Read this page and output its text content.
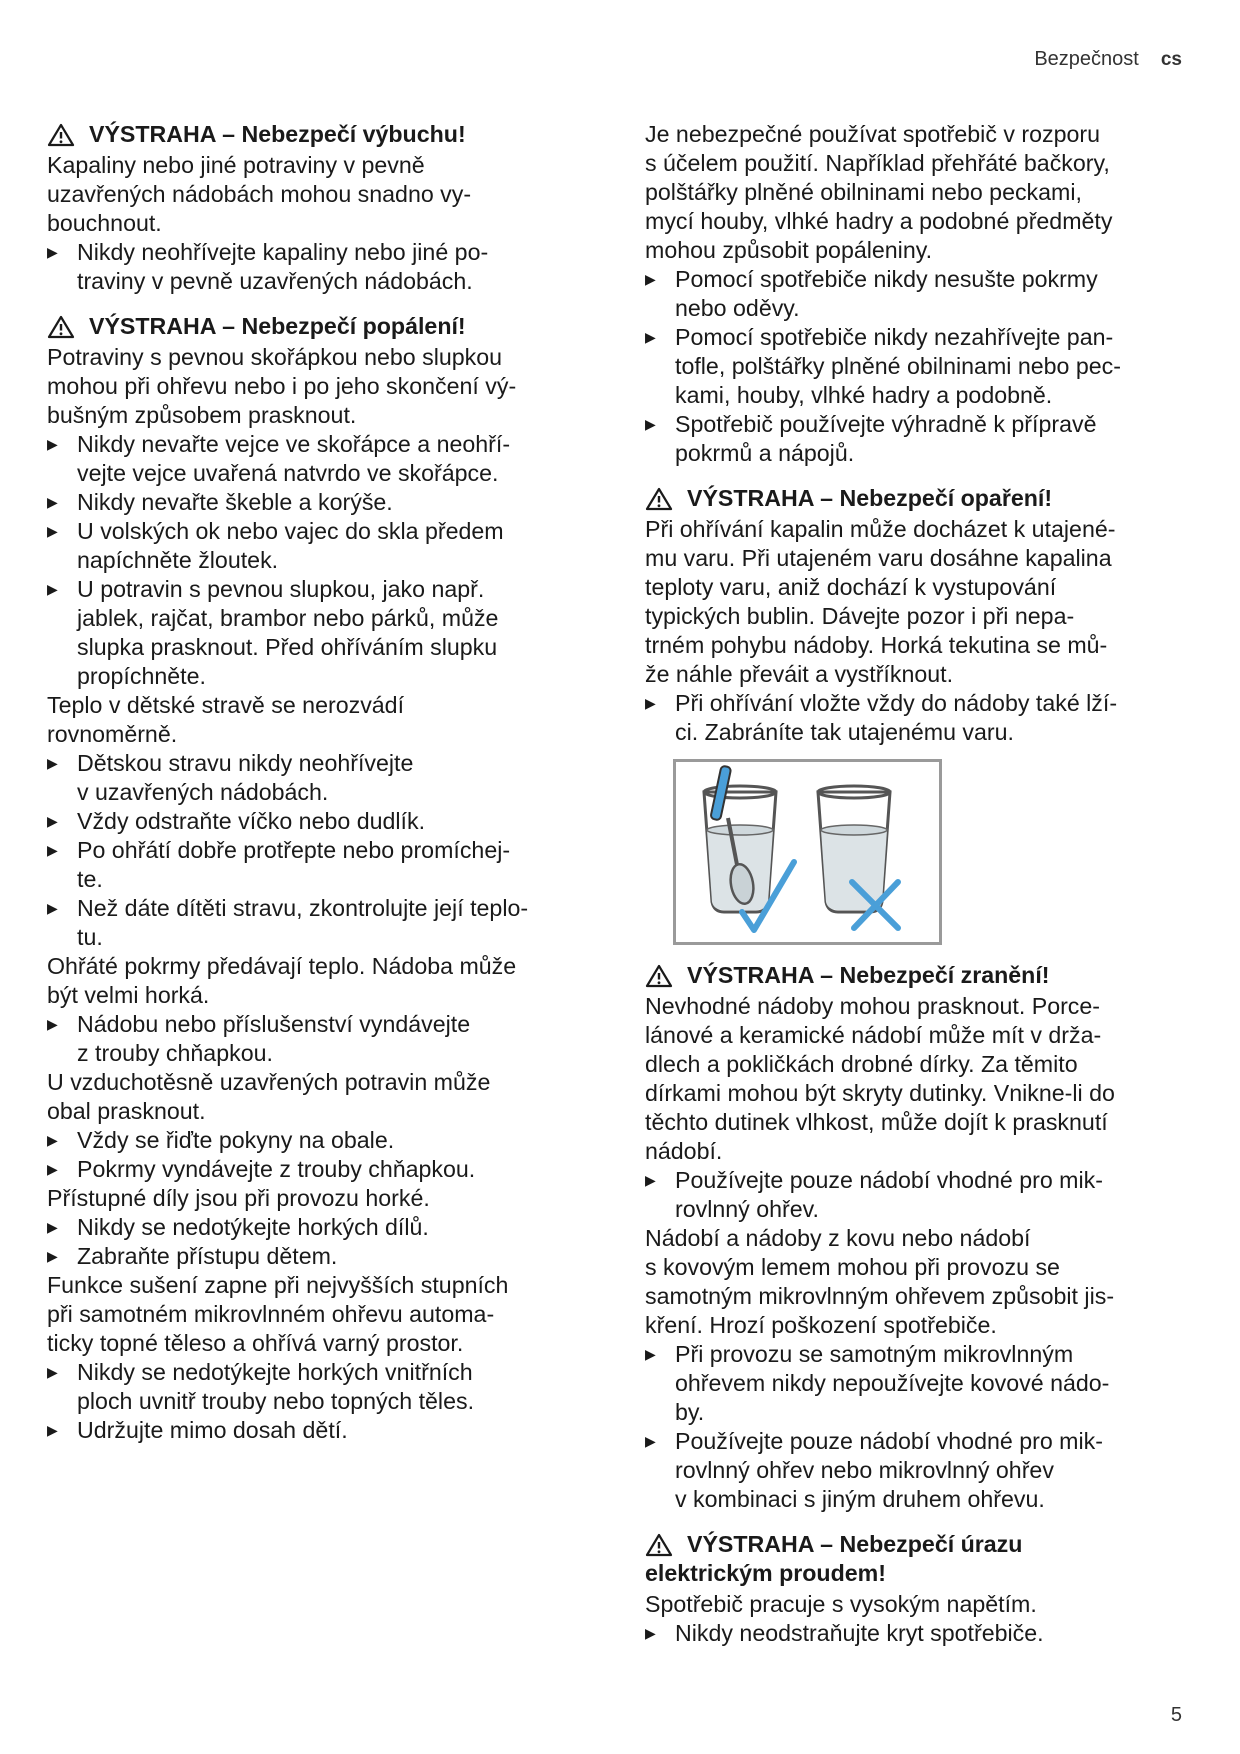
Bezpečnost cs
VÝSTRAHA – Nebezpečí výbuchu!
Kapaliny nebo jiné potraviny v pevně
uzavřených nádobách mohou snadno vy-
bouchnout.
▶ Nikdy neohřívejte kapaliny nebo jiné po-
traviny v pevně uzavřených nádobách.
VÝSTRAHA – Nebezpečí popálení!
Potraviny s pevnou skořápkou nebo slupkou
mohou při ohřevu nebo i po jeho skončení vý-
bušným způsobem prasknout.
▶ Nikdy nevařte vejce ve skořápce a neohří-
vejte vejce uvařená natvrdo ve skořápce.
▶ Nikdy nevařte škeble a korýše.
▶ U volských ok nebo vajec do skla předem
napíchněte žloutek.
▶ U potravin s pevnou slupkou, jako např.
jablek, rajčat, brambor nebo párků, může
slupka prasknout. Před ohříváním slupku
propíchněte.
Teplo v dětské stravě se nerozvádí
rovnoměrně.
▶ Dětskou stravu nikdy neohřívejte
v uzavřených nádobách.
▶ Vždy odstraňte víčko nebo dudlík.
▶ Po ohřátí dobře protřepte nebo promíchej-
te.
▶ Než dáte dítěti stravu, zkontrolujte její teplo-
tu.
Ohřáté pokrmy předávají teplo. Nádoba může
být velmi horká.
▶ Nádobu nebo příslušenství vyndávejte
z trouby chňapkou.
U vzduchotěsně uzavřených potravin může
obal prasknout.
▶ Vždy se řiďte pokyny na obale.
▶ Pokrmy vyndávejte z trouby chňapkou.
Přístupné díly jsou při provozu horké.
▶ Nikdy se nedotýkejte horkých dílů.
▶ Zabraňte přístupu dětem.
Funkce sušení zapne při nejvyšších stupních
při samotném mikrovlnném ohřevu automa-
ticky topné těleso a ohřívá varný prostor.
▶ Nikdy se nedotýkejte horkých vnitřních
ploch uvnitř trouby nebo topných těles.
▶ Udržujte mimo dosah dětí.
Je nebezpečné používat spotřebič v rozporu
s účelem použití. Například přehřáté bačkory,
polštářky plněné obilninami nebo peckami,
mycí houby, vlhké hadry a podobné předměty
mohou způsobit popáleniny.
▶ Pomocí spotřebiče nikdy nesušte pokrmy
nebo oděvy.
▶ Pomocí spotřebiče nikdy nezahřívejte pan-
tofle, polštářky plněné obilninami nebo pec-
kami, houby, vlhké hadry a podobně.
▶ Spotřebič používejte výhradně k přípravě
pokrmů a nápojů.
VÝSTRAHA – Nebezpečí opaření!
Při ohřívání kapalin může docházet k utajené-
mu varu. Při utajeném varu dosáhne kapalina
teploty varu, aniž dochází k vystupování
typických bublin. Dávejte pozor i při nepa-
trném pohybu nádoby. Horká tekutina se mů-
že náhle převáit a vystříknout.
▶ Při ohřívání vložte vždy do nádoby také lží-
ci. Zabráníte tak utajenému varu.
VÝSTRAHA – Nebezpečí zranění!
Nevhodné nádoby mohou prasknout. Porce-
lánové a keramické nádobí může mít v drža-
dlech a pokličkách drobné dírky. Za těmito
dírkami mohou být skryty dutinky. Vnikne-li do
těchto dutinek vlhkost, může dojít k prasknutí
nádobí.
▶ Používejte pouze nádobí vhodné pro mik-
rovlnný ohřev.
Nádobí a nádoby z kovu nebo nádobí
s kovovým lemem mohou při provozu se
samotným mikrovlnným ohřevem způsobit jis-
kření. Hrozí poškození spotřebiče.
▶ Při provozu se samotným mikrovlnným
ohřevem nikdy nepoužívejte kovové nádo-
by.
▶ Používejte pouze nádobí vhodné pro mik-
rovlnný ohřev nebo mikrovlnný ohřev
v kombinaci s jiným druhem ohřevu.
VÝSTRAHA – Nebezpečí úrazu
elektrickým proudem!
Spotřebič pracuje s vysokým napětím.
▶ Nikdy neodstraňujte kryt spotřebiče.
5
